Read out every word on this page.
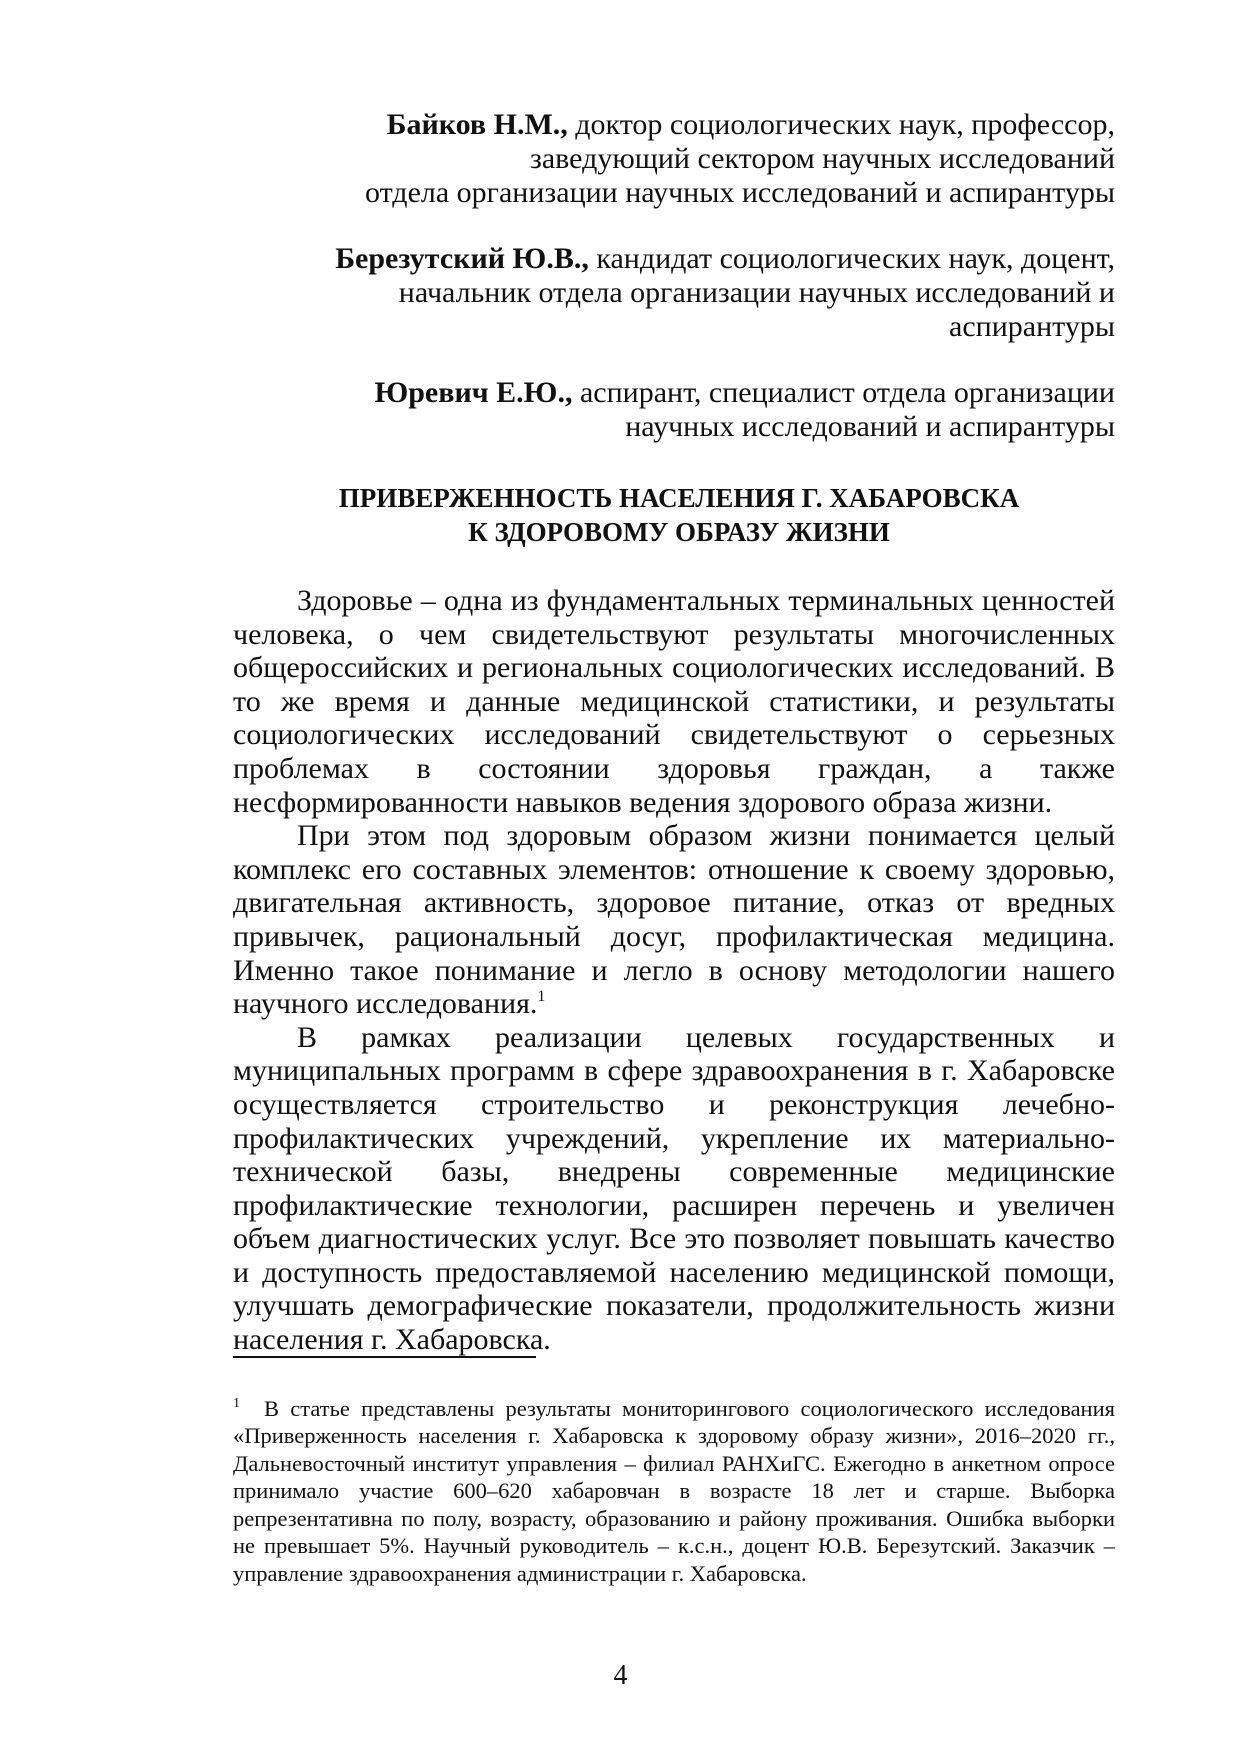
Байков Н.М., доктор социологических наук, профессор,
заведующий сектором научных исследований
отдела организации научных исследований и аспирантуры
Березутский Ю.В., кандидат социологических наук, доцент,
начальник отдела организации научных исследований и аспирантуры
Юревич Е.Ю., аспирант, специалист отдела организации
научных исследований и аспирантуры
ПРИВЕРЖЕННОСТЬ НАСЕЛЕНИЯ Г. ХАБАРОВСКА
К ЗДОРОВОМУ ОБРАЗУ ЖИЗНИ

Здоровье – одна из фундаментальных терминальных ценностей человека, о чем свидетельствуют результаты многочисленных общероссийских и региональных социологических исследований. В то же время и данные медицинской статистики, и результаты социологических исследований свидетельствуют о серьезных проблемах в состоянии здоровья граждан, а также несформированности навыков ведения здорового образа жизни.

При этом под здоровым образом жизни понимается целый комплекс его составных элементов: отношение к своему здоровью, двигательная активность, здоровое питание, отказ от вредных привычек, рациональный досуг, профилактическая медицина. Именно такое понимание и легло в основу методологии нашего научного исследования.$^1$

В рамках реализации целевых государственных и муниципальных программ в сфере здравоохранения в г. Хабаровске осуществляется строительство и реконструкция лечебно-профилактических учреждений, укрепление их материально-технической базы, внедрены современные медицинские профилактические технологии, расширен перечень и увеличен объем диагностических услуг. Все это позволяет повышать качество и доступность предоставляемой населению медицинской помощи, улучшать демографические показатели, продолжительность жизни населения г. Хабаровска.

$^1$ В статье представлены результаты мониторингового социологического исследования «Приверженность населения г. Хабаровска к здоровому образу жизни», 2016–2020 гг., Дальневосточный институт управления – филиал РАНХиГС. Ежегодно в анкетном опросе принимало участие 600–620 хабаровчан в возрасте 18 лет и старше. Выборка репрезентативна по полу, возрасту, образованию и району проживания. Ошибка выборки не превышает 5%. Научный руководитель – к.с.н., доцент Ю.В. Березутский. Заказчик – управление здравоохранения администрации г. Хабаровска.

4
